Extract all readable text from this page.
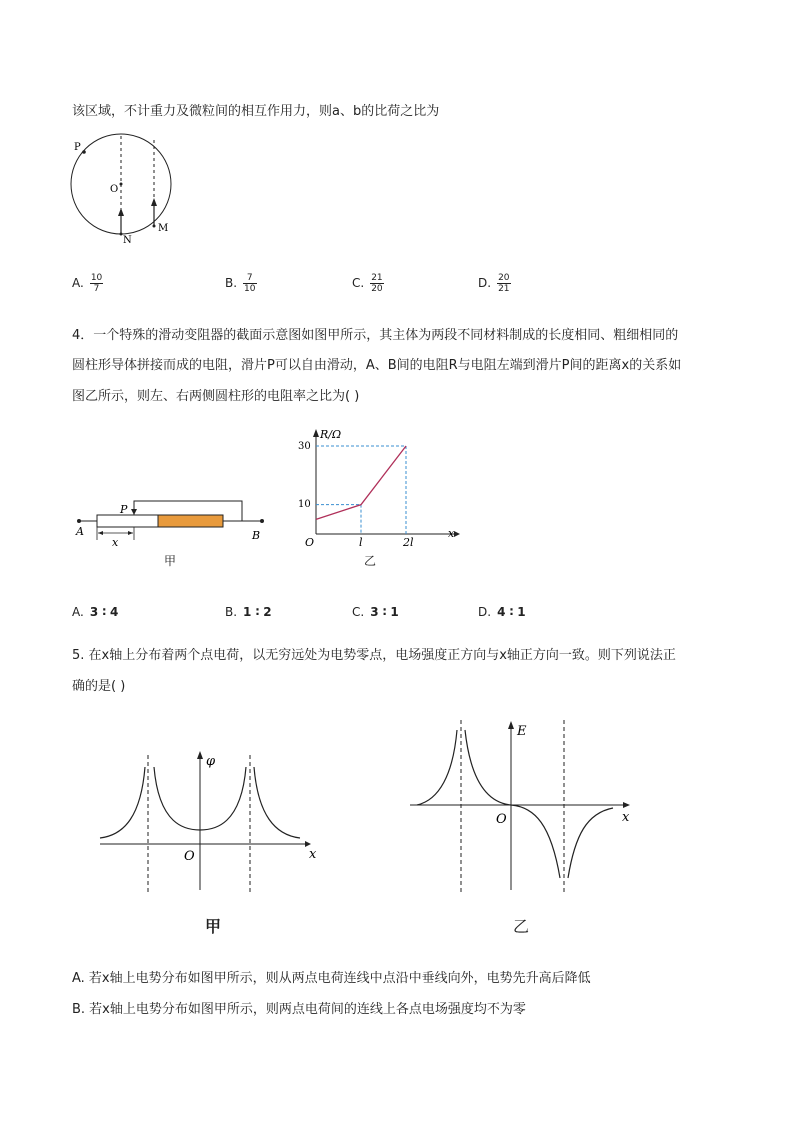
该区域，不计重力及微粒间的相互作用力，则a、b的比荷之比为
P
O
N
M
A. $\frac{10}{7}$	B. $\frac{7}{10}$	C. $\frac{21}{20}$	D. $\frac{20}{21}$
4．一个特殊的滑动变阻器的截面示意图如图甲所示，其主体为两段不同材料制成的长度相同、粗细相同的
圆柱形导体拼接而成的电阻，滑片P可以自由滑动，A、B间的电阻R与电阻左端到滑片P间的距离x的关系如
图乙所示，则左、右两侧圆柱形的电阻率之比为( )
A	B
P
x
甲
R/Ω
x
O
30
10
l	2l
乙
A. 3 ∶ 4	B. 1 ∶ 2	C. 3 ∶ 1	D. 4 ∶ 1
5. 在x轴上分布着两个点电荷，以无穷远处为电势零点，电场强度正方向与x轴正方向一致。则下列说法正
确的是( )
φ
x
O
甲
E
x
O
乙
A. 若x轴上电势分布如图甲所示，则从两点电荷连线中点沿中垂线向外，电势先升高后降低
B. 若x轴上电势分布如图甲所示，则两点电荷间的连线上各点电场强度均不为零
